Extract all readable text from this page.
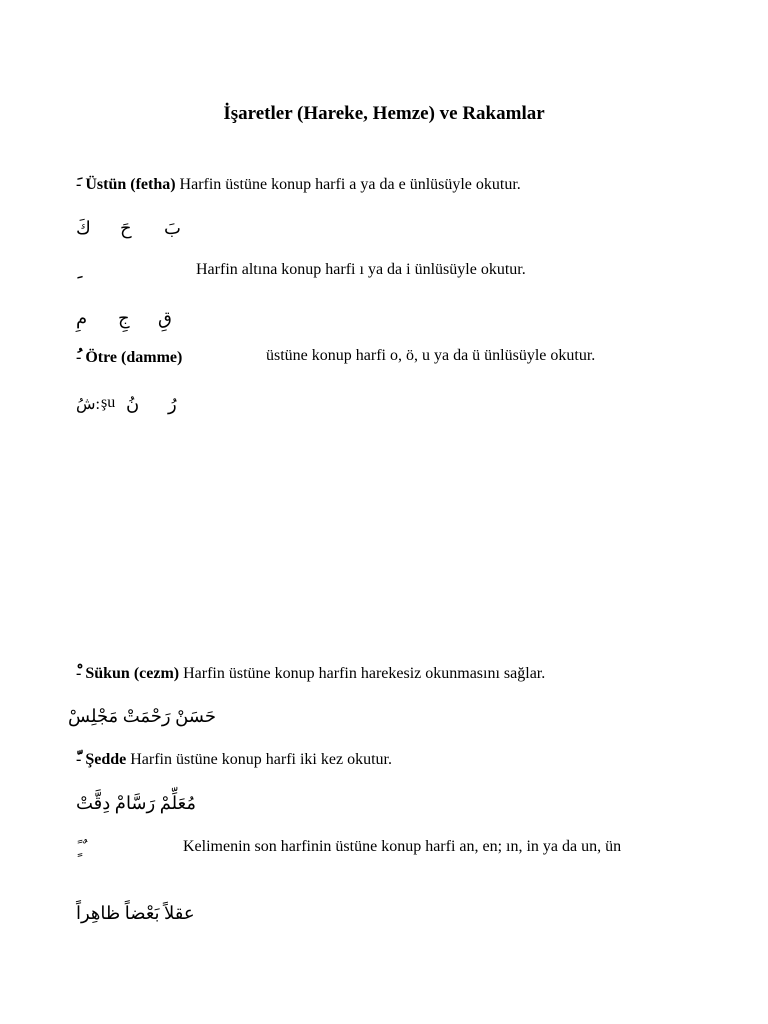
İşaretler (Hareke, Hemze) ve Rakamlar
َ- Üstün (fetha) Harfin üstüne konup harfi a ya da e ünlüsüyle okutur.
كَ حَ بَ
Harfin altına konup harfi ı ya da i ünlüsüyle okutur.
مِ جِ قِ
ُ- Ötre (damme)	üstüne konup harfi o, ö, u ya da ü ünlüsüyle okutur.
شُ: şu نُ رُ
ْ- Sükun (cezm) Harfin üstüne konup harfin harekesiz okunmasını sağlar.
حَسَنْ رَحْمَتْ مَجْلِسْ
ّ- Şedde Harfin üstüne konup harfi iki kez okutur.
مُعَلِّمْ رَسَّامْ دِقَّتْ
ً ٍ ٌ	Kelimenin son harfinin üstüne konup harfi an, en; ın, in ya da un, ün
عقلاً بَعْضاً ظاهِراً
